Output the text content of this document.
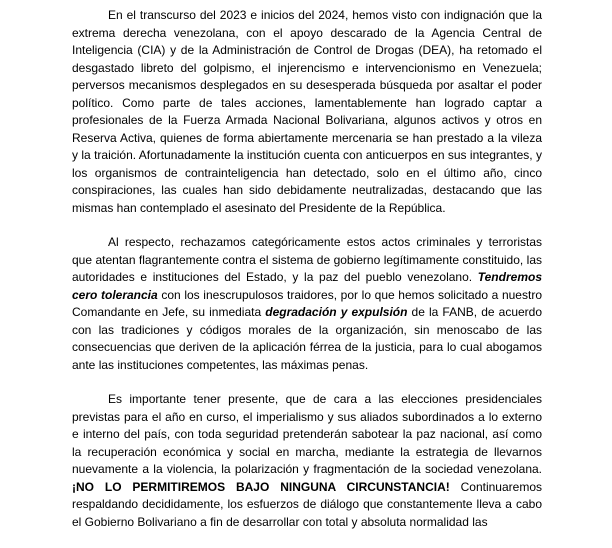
En el transcurso del 2023 e inicios del 2024, hemos visto con indignación que la extrema derecha venezolana, con el apoyo descarado de la Agencia Central de Inteligencia (CIA) y de la Administración de Control de Drogas (DEA), ha retomado el desgastado libreto del golpismo, el injerencismo e intervencionismo en Venezuela; perversos mecanismos desplegados en su desesperada búsqueda por asaltar el poder político. Como parte de tales acciones, lamentablemente han logrado captar a profesionales de la Fuerza Armada Nacional Bolivariana, algunos activos y otros en Reserva Activa, quienes de forma abiertamente mercenaria se han prestado a la vileza y la traición. Afortunadamente la institución cuenta con anticuerpos en sus integrantes, y los organismos de contrainteligencia han detectado, solo en el último año, cinco conspiraciones, las cuales han sido debidamente neutralizadas, destacando que las mismas han contemplado el asesinato del Presidente de la República.

Al respecto, rechazamos categóricamente estos actos criminales y terroristas que atentan flagrantemente contra el sistema de gobierno legítimamente constituido, las autoridades e instituciones del Estado, y la paz del pueblo venezolano. Tendremos cero tolerancia con los inescrupulosos traidores, por lo que hemos solicitado a nuestro Comandante en Jefe, su inmediata degradación y expulsión de la FANB, de acuerdo con las tradiciones y códigos morales de la organización, sin menoscabo de las consecuencias que deriven de la aplicación férrea de la justicia, para lo cual abogamos ante las instituciones competentes, las máximas penas.

Es importante tener presente, que de cara a las elecciones presidenciales previstas para el año en curso, el imperialismo y sus aliados subordinados a lo externo e interno del país, con toda seguridad pretenderán sabotear la paz nacional, así como la recuperación económica y social en marcha, mediante la estrategia de llevarnos nuevamente a la violencia, la polarización y fragmentación de la sociedad venezolana. ¡NO LO PERMITIREMOS BAJO NINGUNA CIRCUNSTANCIA! Continuaremos respaldando decididamente, los esfuerzos de diálogo que constantemente lleva a cabo el Gobierno Bolivariano a fin de desarrollar con total y absoluta normalidad las
